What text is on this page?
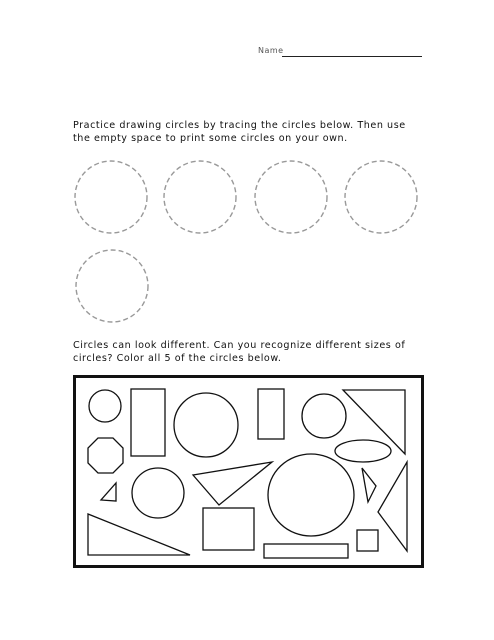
Name

Practice drawing circles by tracing the circles below. Then use the empty space to print some circles on your own.

Circles can look different. Can you recognize different sizes of circles? Color all 5 of the circles below.
